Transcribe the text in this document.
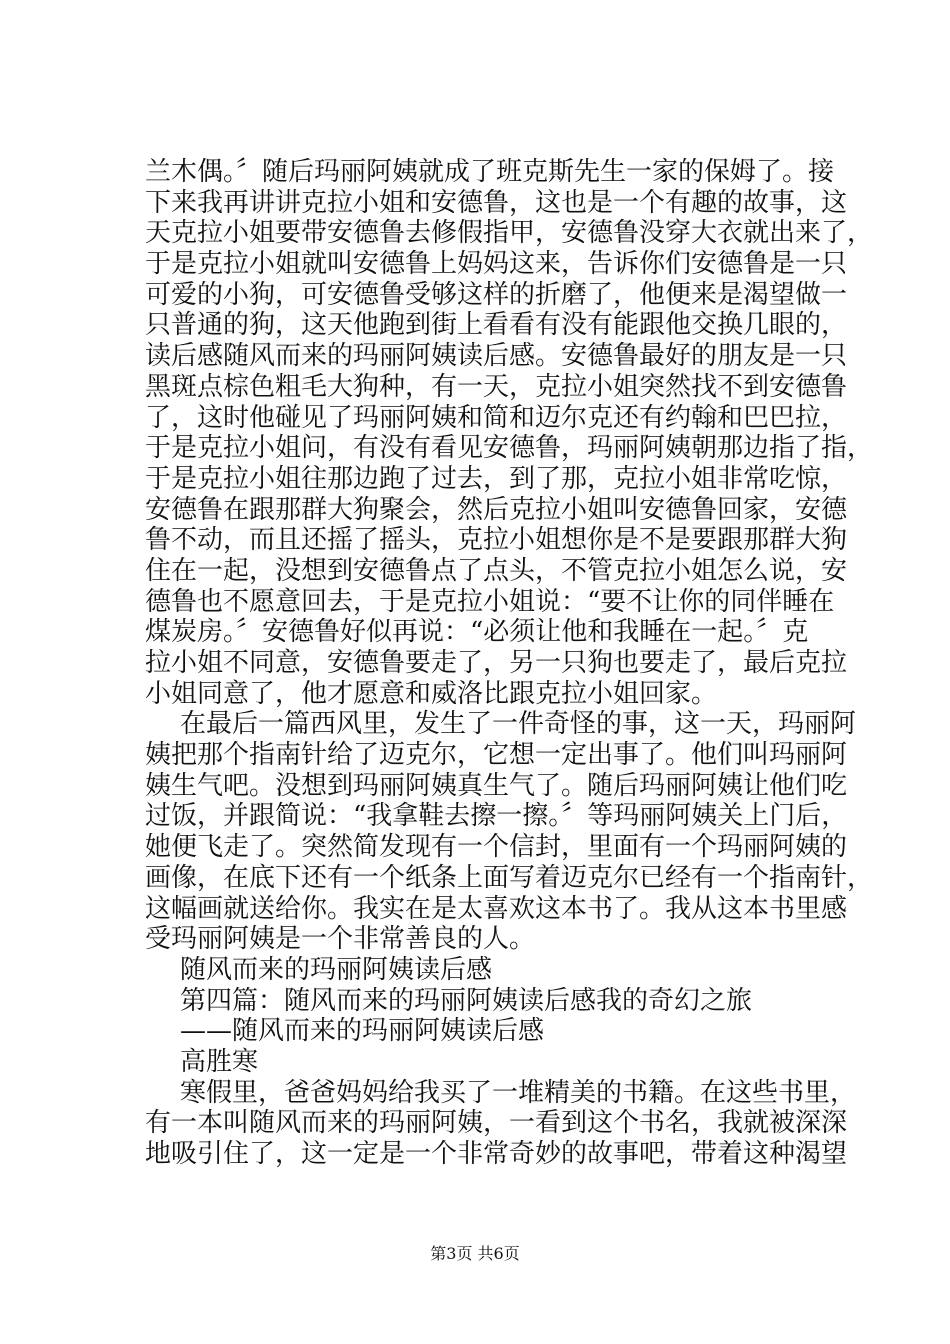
兰木偶。〞随后玛丽阿姨就成了班克斯先生一家的保姆了。接
下来我再讲讲克拉小姐和安德鲁，这也是一个有趣的故事，这
天克拉小姐要带安德鲁去修假指甲，安德鲁没穿大衣就出来了，
于是克拉小姐就叫安德鲁上妈妈这来，告诉你们安德鲁是一只
可爱的小狗，可安德鲁受够这样的折磨了，他便来是渴望做一
只普通的狗，这天他跑到街上看看有没有能跟他交换几眼的，
读后感随风而来的玛丽阿姨读后感。安德鲁最好的朋友是一只
黑斑点棕色粗毛大狗种，有一天，克拉小姐突然找不到安德鲁
了，这时他碰见了玛丽阿姨和简和迈尔克还有约翰和巴巴拉，
于是克拉小姐问，有没有看见安德鲁，玛丽阿姨朝那边指了指，
于是克拉小姐往那边跑了过去，到了那，克拉小姐非常吃惊，
安德鲁在跟那群大狗聚会，然后克拉小姐叫安德鲁回家，安德
鲁不动，而且还摇了摇头，克拉小姐想你是不是要跟那群大狗
住在一起，没想到安德鲁点了点头，不管克拉小姐怎么说，安
德鲁也不愿意回去，于是克拉小姐说：“要不让你的同伴睡在
煤炭房。〞安德鲁好似再说：“必须让他和我睡在一起。〞克
拉小姐不同意，安德鲁要走了，另一只狗也要走了，最后克拉
小姐同意了，他才愿意和威洛比跟克拉小姐回家。
在最后一篇西风里，发生了一件奇怪的事，这一天，玛丽阿
姨把那个指南针给了迈克尔，它想一定出事了。他们叫玛丽阿
姨生气吧。没想到玛丽阿姨真生气了。随后玛丽阿姨让他们吃
过饭，并跟简说：“我拿鞋去擦一擦。〞等玛丽阿姨关上门后，
她便飞走了。突然简发现有一个信封，里面有一个玛丽阿姨的
画像，在底下还有一个纸条上面写着迈克尔已经有一个指南针，
这幅画就送给你。我实在是太喜欢这本书了。我从这本书里感
受玛丽阿姨是一个非常善良的人。
随风而来的玛丽阿姨读后感
第四篇：随风而来的玛丽阿姨读后感我的奇幻之旅
——随风而来的玛丽阿姨读后感
高胜寒
寒假里，爸爸妈妈给我买了一堆精美的书籍。在这些书里，
有一本叫随风而来的玛丽阿姨，一看到这个书名，我就被深深
地吸引住了，这一定是一个非常奇妙的故事吧，带着这种渴望
第3页 共6页
